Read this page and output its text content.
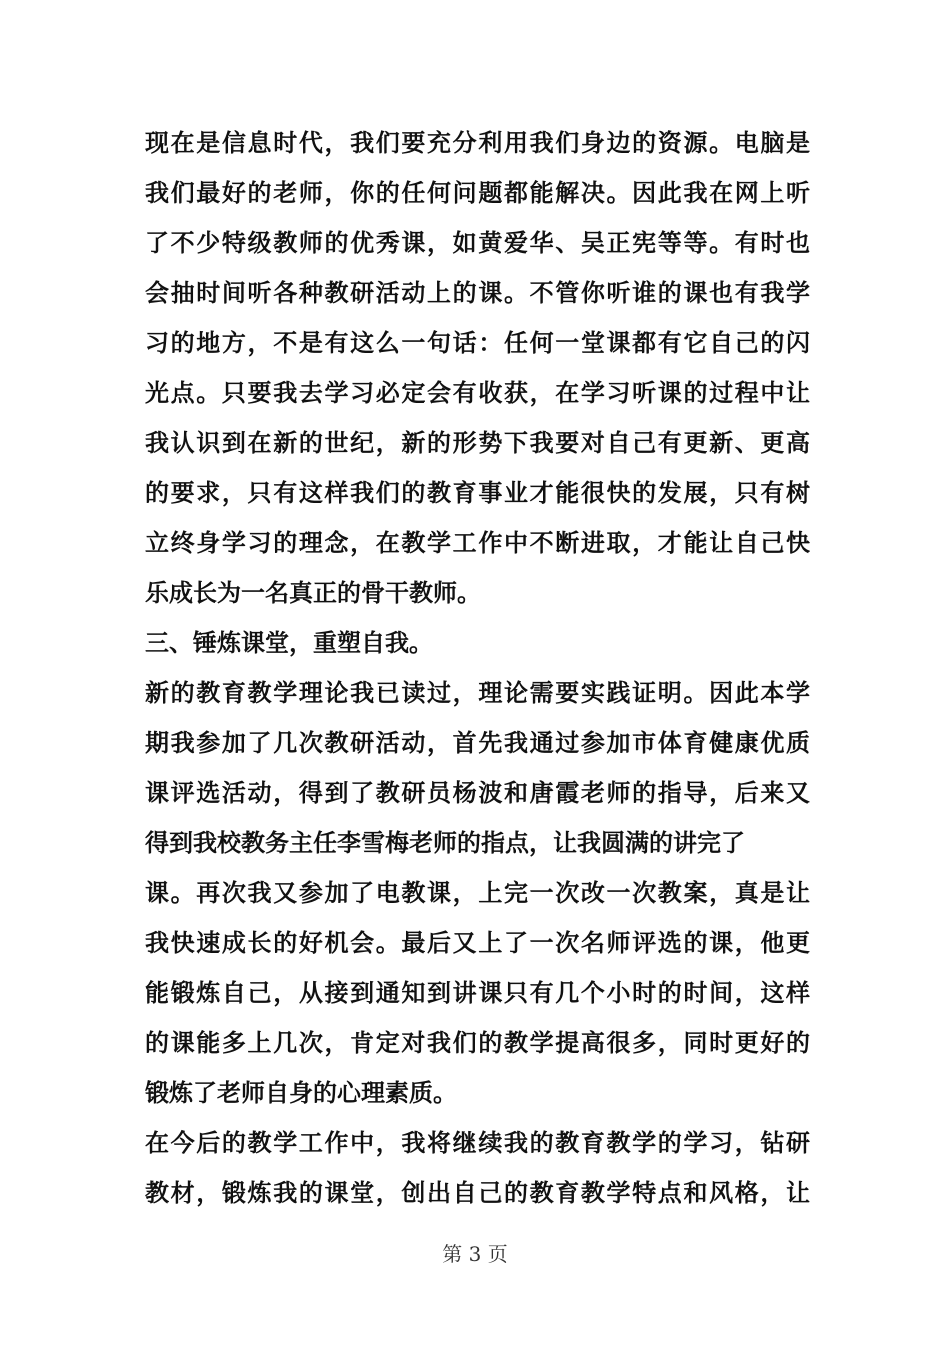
现在是信息时代，我们要充分利用我们身边的资源。电脑是
我们最好的老师，你的任何问题都能解决。因此我在网上听
了不少特级教师的优秀课，如黄爱华、吴正宪等等。有时也
会抽时间听各种教研活动上的课。不管你听谁的课也有我学
习的地方，不是有这么一句话：任何一堂课都有它自己的闪
光点。只要我去学习必定会有收获，在学习听课的过程中让
我认识到在新的世纪，新的形势下我要对自己有更新、更高
的要求，只有这样我们的教育事业才能很快的发展，只有树
立终身学习的理念，在教学工作中不断进取，才能让自己快
乐成长为一名真正的骨干教师。
三、锤炼课堂，重塑自我。
新的教育教学理论我已读过，理论需要实践证明。因此本学
期我参加了几次教研活动，首先我通过参加市体育健康优质
课评选活动，得到了教研员杨波和唐霞老师的指导，后来又
得到我校教务主任李雪梅老师的指点，让我圆满的讲完了
课。再次我又参加了电教课，上完一次改一次教案，真是让
我快速成长的好机会。最后又上了一次名师评选的课，他更
能锻炼自己，从接到通知到讲课只有几个小时的时间，这样
的课能多上几次，肯定对我们的教学提高很多，同时更好的
锻炼了老师自身的心理素质。
在今后的教学工作中，我将继续我的教育教学的学习，钻研
教材，锻炼我的课堂，创出自己的教育教学特点和风格，让
第 3 页
